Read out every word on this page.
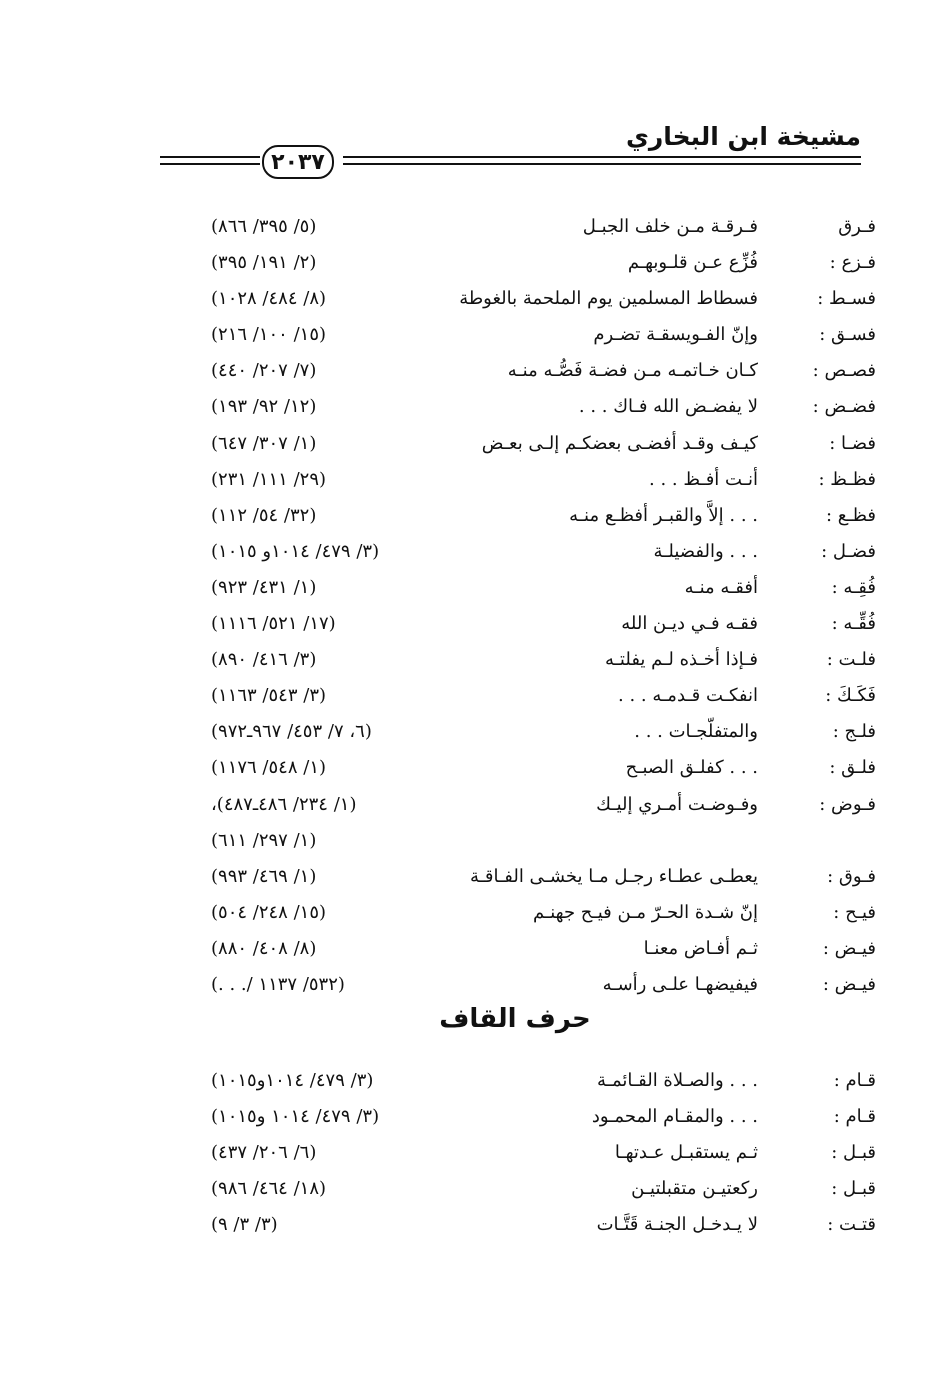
مشيخة ابن البخاري
٢٠٣٧
فـرق
فـرقـة مـن خلف الجبـل
(٥/ ٣٩٥/ ٨٦٦)
فـزع :
فُزِّع عـن قلـوبهـم
(٢/ ١٩١/ ٣٩٥)
فسـط :
فسطاط المسلمين يوم الملحمة بالغوطة
(٨/ ٤٨٤/ ١٠٢٨)
فسـق :
وإنّ الفـويسقـة تضـرم
(١٥/ ١٠٠/ ٢١٦)
فصـص :
كـان خـاتمـه مـن فضـة فَصُّـه منـه
(٧/ ٢٠٧/ ٤٤٠)
فضـض :
لا يفضـض الله فـاك . . .
(١٢/ ٩٢/ ١٩٣)
فضـا :
كيـف وقـد أفضـى بعضكـم إلـى بعـض
(١/ ٣٠٧/ ٦٤٧)
فظـظ :
أنـت أفـظ . . .
(٢٩/ ١١١/ ٢٣١)
فظـع :
. . . إلاَّ والقبـر أفظـع منـه
(٣٢/ ٥٤/ ١١٢)
فضـل :
. . . والفضيلـة
(٣/ ٤٧٩/ ١٠١٤و ١٠١٥)
فُقِـه :
أفقـه منـه
(١/ ٤٣١/ ٩٢٣)
فُقِّـه :
فقـه فـي ديـن الله
(١٧/ ٥٢١/ ١١١٦)
فلـت :
فـإذا أخـذه لـم يفلتـه
(٣/ ٤١٦/ ٨٩٠)
فَكَـكَ :
انفكـت قـدمـه . . .
(٣/ ٥٤٣/ ١١٦٣)
فلـج :
والمتفلّجـات . . .
(٦، ٧/ ٤٥٣/ ٩٦٧ـ٩٧٢)
فلـق :
. . . كفلـق الصبـح
(١/ ٥٤٨/ ١١٧٦)
فـوض :
وفـوضـت أمـري إليـك
(١/ ٢٣٤/ ٤٨٦ـ٤٨٧)،
(١/ ٢٩٧/ ٦١١)
فـوق :
يعطـى عطـاء رجـل مـا يخشـى الفـاقـة
(١/ ٤٦٩/ ٩٩٣)
فيـح :
إنّ شـدة الحـرّ مـن فيـح جهنـم
(١٥/ ٢٤٨/ ٥٠٤)
فيـض :
ثـم أفـاض معنـا
(٨/ ٤٠٨/ ٨٨٠)
فيـض :
فيفيضهـا علـى رأسـه
(. . ./ ٥٣٢/ ١١٣٧)
حرف القاف
قـام :
. . . والصـلاة القـائمـة
(٣/ ٤٧٩/ ١٠١٤و١٠١٥)
قـام :
. . . والمقـام المحمـود
(٣/ ٤٧٩/ ١٠١٤ و١٠١٥)
قبـل :
ثـم يستقبـل عـدتهـا
(٦/ ٢٠٦/ ٤٣٧)
قبـل :
ركعتيـن متقبلتيـن
(١٨/ ٤٦٤/ ٩٨٦)
قتـت :
لا يـدخـل الجنـة قَتَّـات
(٣/ ٣/ ٩)
